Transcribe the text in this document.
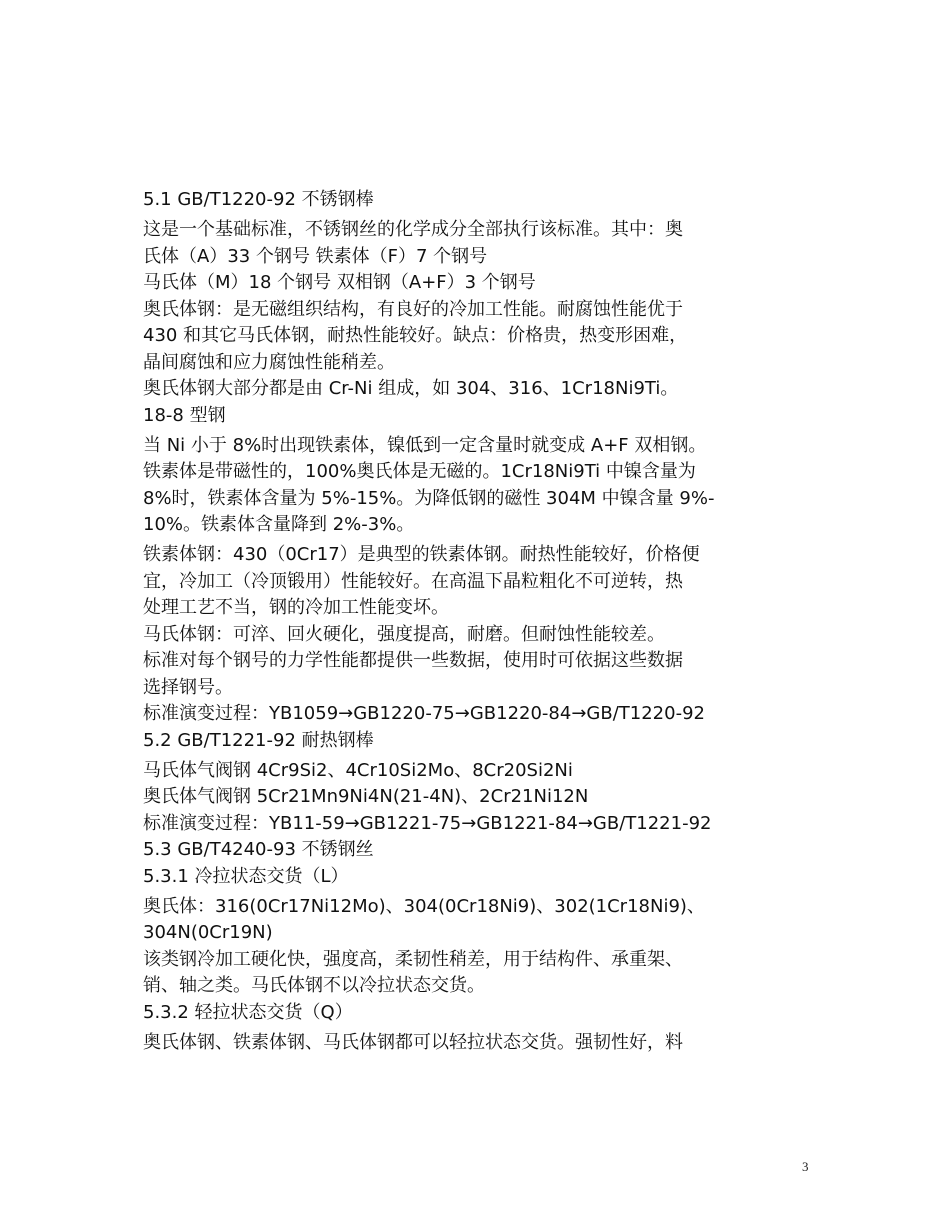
5.1 GB/T1220-92 不锈钢棒

这是一个基础标准，不锈钢丝的化学成分全部执行该标准。其中：奥

氏体（A）33 个钢号 铁素体（F）7 个钢号

马氏体（M）18 个钢号 双相钢（A+F）3 个钢号

奥氏体钢：是无磁组织结构，有良好的冷加工性能。耐腐蚀性能优于

430 和其它马氏体钢，耐热性能较好。缺点：价格贵，热变形困难，

晶间腐蚀和应力腐蚀性能稍差。

奥氏体钢大部分都是由 Cr-Ni 组成，如 304、316、1Cr18Ni9Ti。

18-8 型钢

当 Ni 小于 8%时出现铁素体，镍低到一定含量时就变成 A+F 双相钢。

铁素体是带磁性的，100%奥氏体是无磁的。1Cr18Ni9Ti 中镍含量为

8%时，铁素体含量为 5%-15%。为降低钢的磁性 304M 中镍含量 9%-

10%。铁素体含量降到 2%-3%。

铁素体钢：430（0Cr17）是典型的铁素体钢。耐热性能较好，价格便

宜，冷加工（冷顶锻用）性能较好。在高温下晶粒粗化不可逆转，热

处理工艺不当，钢的冷加工性能变坏。

马氏体钢：可淬、回火硬化，强度提高，耐磨。但耐蚀性能较差。

标准对每个钢号的力学性能都提供一些数据，使用时可依据这些数据

选择钢号。

标准演变过程：YB1059→GB1220-75→GB1220-84→GB/T1220-92

5.2 GB/T1221-92 耐热钢棒

马氏体气阀钢 4Cr9Si2、4Cr10Si2Mo、8Cr20Si2Ni

奥氏体气阀钢 5Cr21Mn9Ni4N(21-4N)、2Cr21Ni12N

标准演变过程：YB11-59→GB1221-75→GB1221-84→GB/T1221-92

5.3 GB/T4240-93 不锈钢丝

5.3.1 冷拉状态交货（L）

奥氏体：316(0Cr17Ni12Mo)、304(0Cr18Ni9)、302(1Cr18Ni9)、

304N(0Cr19N)

该类钢冷加工硬化快，强度高，柔韧性稍差，用于结构件、承重架、

销、轴之类。马氏体钢不以冷拉状态交货。

5.3.2 轻拉状态交货（Q）

奥氏体钢、铁素体钢、马氏体钢都可以轻拉状态交货。强韧性好，料

3
